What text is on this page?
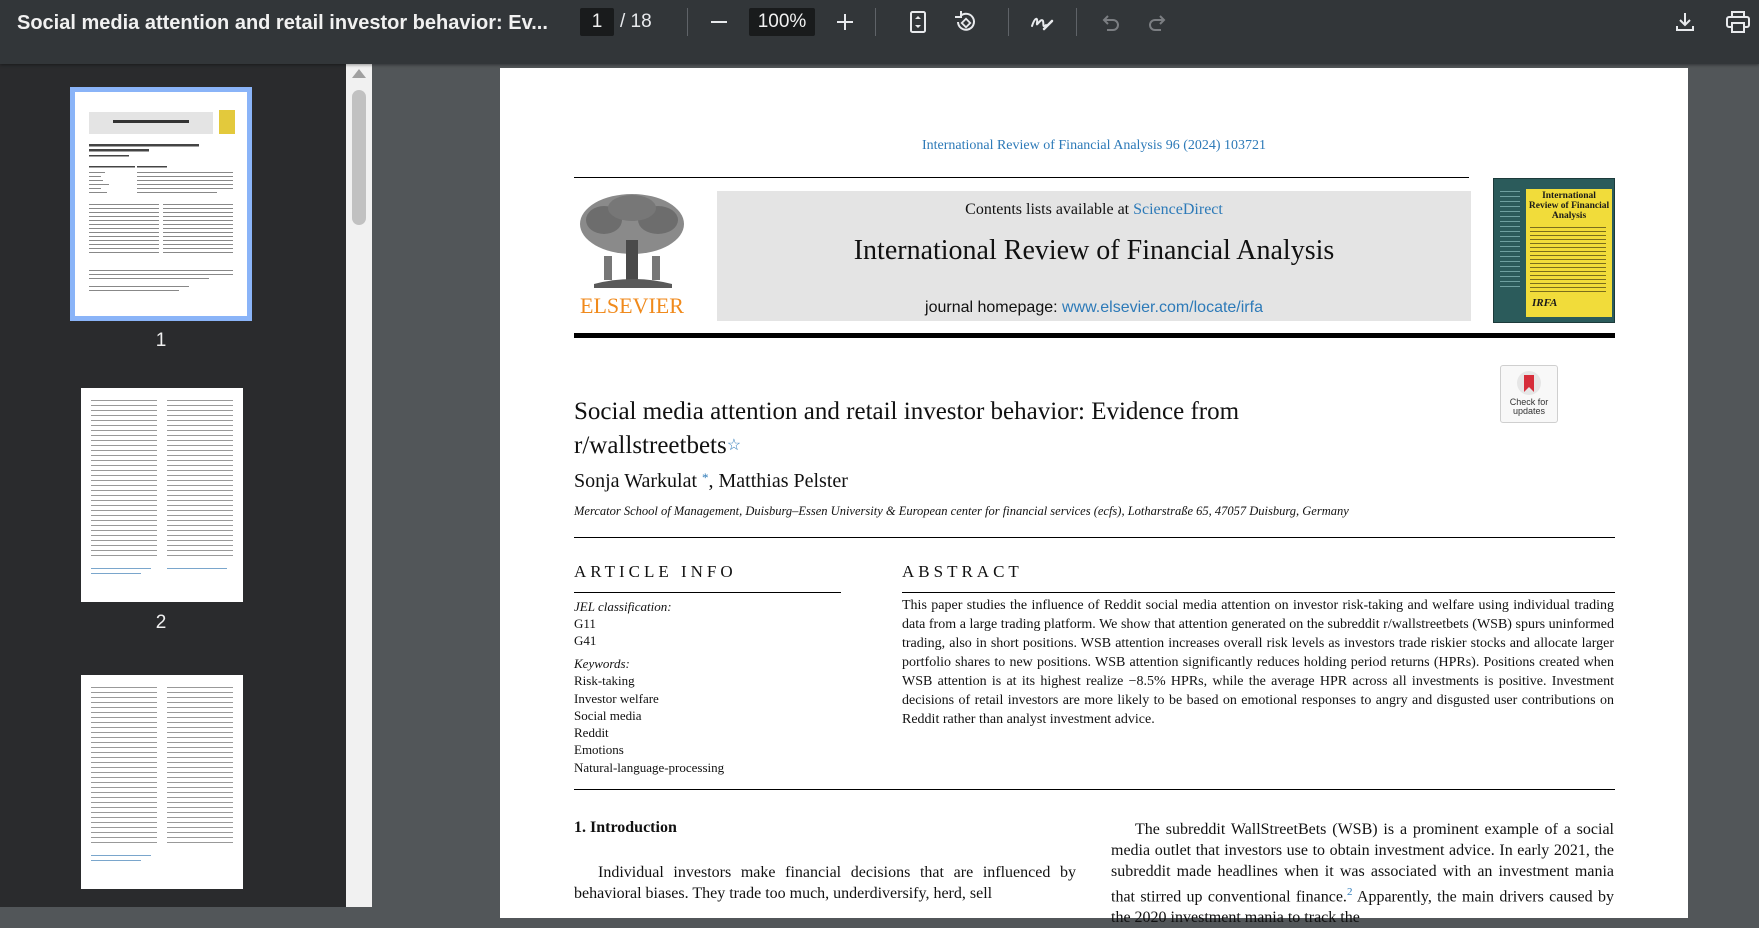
Social media attention and retail investor behavior: Ev...	1 / 18	100%
1
2
International Review of Financial Analysis 96 (2024) 103721
ELSEVIER
Contents lists available at ScienceDirect
International Review of Financial Analysis
journal homepage: www.elsevier.com/locate/irfa
International Review of Financial Analysis
IRFA
Check for updates
Social media attention and retail investor behavior: Evidence from
r/wallstreetbets☆
Sonja Warkulat *, Matthias Pelster
Mercator School of Management, Duisburg–Essen University & European center for financial services (ecfs), Lotharstraße 65, 47057 Duisburg, Germany
ARTICLE INFO	ABSTRACT
JEL classification:
G11
G41
Keywords:
Risk-taking
Investor welfare
Social media
Reddit
Emotions
Natural-language-processing
This paper studies the influence of Reddit social media attention on investor risk-taking and welfare using individual trading data from a large trading platform. We show that attention generated on the subreddit r/wallstreetbets (WSB) spurs uninformed trading, also in short positions. WSB attention increases overall risk levels as investors trade riskier stocks and allocate larger portfolio shares to new positions. WSB attention significantly reduces holding period returns (HPRs). Positions created when WSB attention is at its highest realize −8.5% HPRs, while the average HPR across all investments is positive. Investment decisions of retail investors are more likely to be based on emotional responses to angry and disgusted user contributions on Reddit rather than analyst investment advice.
1. Introduction
Individual investors make financial decisions that are influenced by behavioral biases. They trade too much, underdiversify, herd, sell
The subreddit WallStreetBets (WSB) is a prominent example of a social media outlet that investors use to obtain investment advice. In early 2021, the subreddit made headlines when it was associated with an investment mania that stirred up conventional finance.$^2$ Apparently, the main drivers caused by the 2020 investment mania to track the
